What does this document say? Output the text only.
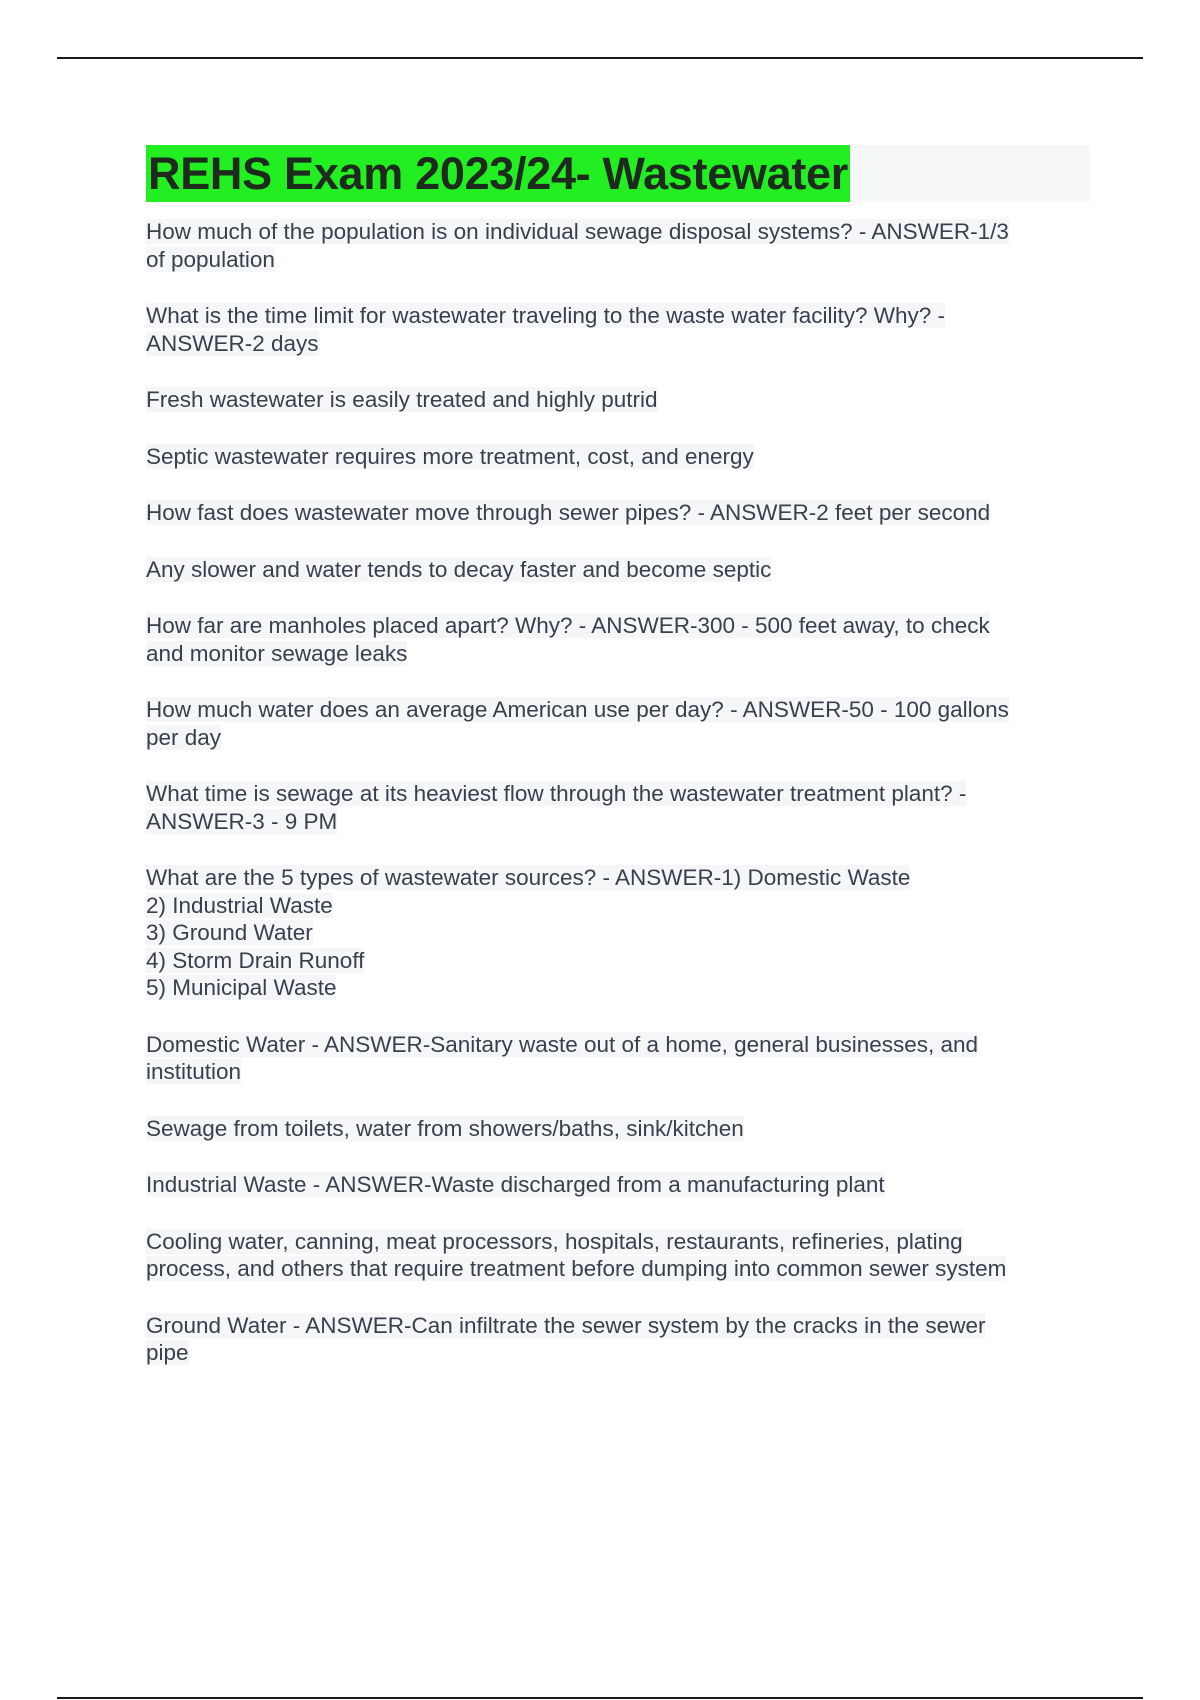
REHS Exam 2023/24- Wastewater
How much of the population is on individual sewage disposal systems? - ANSWER-1/3
of population
What is the time limit for wastewater traveling to the waste water facility? Why? -
ANSWER-2 days
Fresh wastewater is easily treated and highly putrid
Septic wastewater requires more treatment, cost, and energy
How fast does wastewater move through sewer pipes? - ANSWER-2 feet per second
Any slower and water tends to decay faster and become septic
How far are manholes placed apart? Why? - ANSWER-300 - 500 feet away, to check
and monitor sewage leaks
How much water does an average American use per day? - ANSWER-50 - 100 gallons
per day
What time is sewage at its heaviest flow through the wastewater treatment plant? -
ANSWER-3 - 9 PM
What are the 5 types of wastewater sources? - ANSWER-1) Domestic Waste
2) Industrial Waste
3) Ground Water
4) Storm Drain Runoff
5) Municipal Waste
Domestic Water - ANSWER-Sanitary waste out of a home, general businesses, and
institution
Sewage from toilets, water from showers/baths, sink/kitchen
Industrial Waste - ANSWER-Waste discharged from a manufacturing plant
Cooling water, canning, meat processors, hospitals, restaurants, refineries, plating
process, and others that require treatment before dumping into common sewer system
Ground Water - ANSWER-Can infiltrate the sewer system by the cracks in the sewer
pipe
